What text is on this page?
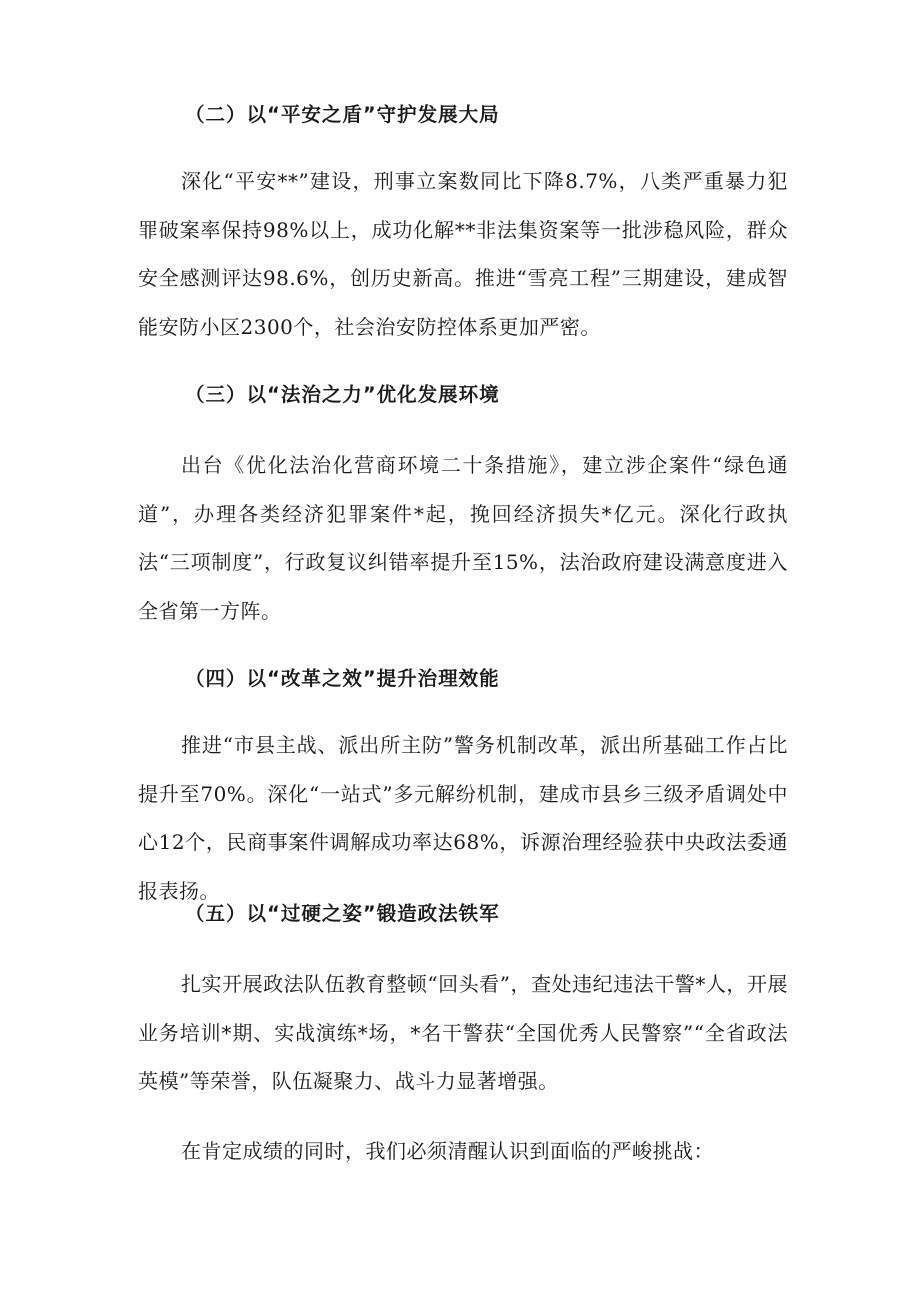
（二）以“平安之盾”守护发展大局
深化“平安**”建设，刑事立案数同比下降8.7%，八类严重暴力犯罪破案率保持98%以上，成功化解**非法集资案等一批涉稳风险，群众安全感测评达98.6%，创历史新高。推进“雪亮工程”三期建设，建成智能安防小区2300个，社会治安防控体系更加严密。
（三）以“法治之力”优化发展环境
出台《优化法治化营商环境二十条措施》，建立涉企案件“绿色通道”，办理各类经济犯罪案件*起，挽回经济损失*亿元。深化行政执法“三项制度”，行政复议纠错率提升至15%，法治政府建设满意度进入全省第一方阵。
（四）以“改革之效”提升治理效能
推进“市县主战、派出所主防”警务机制改革，派出所基础工作占比提升至70%。深化“一站式”多元解纷机制，建成市县乡三级矛盾调处中心12个，民商事案件调解成功率达68%，诉源治理经验获中央政法委通报表扬。
（五）以“过硬之姿”锻造政法铁军
扎实开展政法队伍教育整顿“回头看”，查处违纪违法干警*人，开展业务培训*期、实战演练*场，*名干警获“全国优秀人民警察”“全省政法英模”等荣誉，队伍凝聚力、战斗力显著增强。
在肯定成绩的同时，我们必须清醒认识到面临的严峻挑战：
